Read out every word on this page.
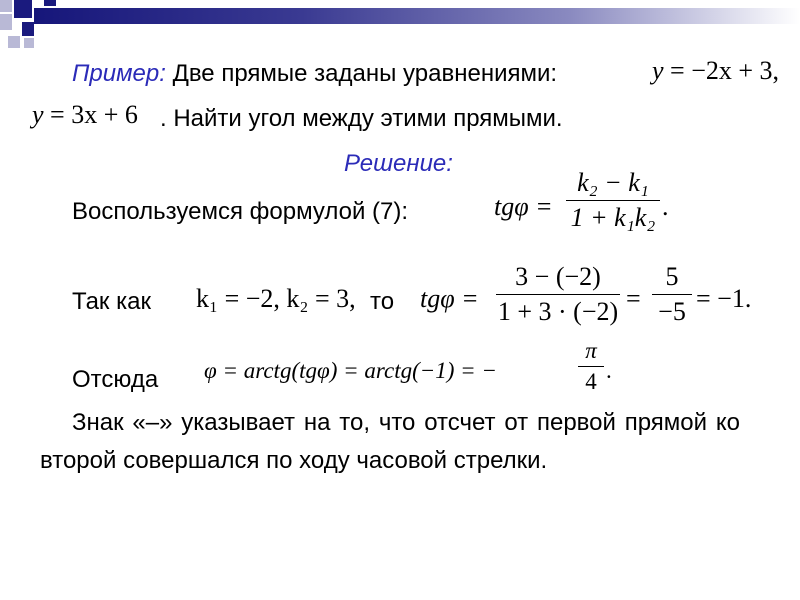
Пример: Две прямые заданы уравнениями:	y = −2x + 3,
y = 3x + 6 . Найти угол между этими прямыми.
Решение:
Воспользуемся формулой (7):	tgφ =
k₂ − k₁
1 + k₁k₂ .
Так как k₁ = −2, k₂ = 3, то tgφ =
3 − (−2)
1 + 3 · (−2) =
5
−5 = −1.
Отсюда φ = arctg(tgφ) = arctg(−1) = −
π
4 .
Знак «–» указывает на то, что отсчет от первой прямой ко второй совершался по ходу часовой стрелки.
